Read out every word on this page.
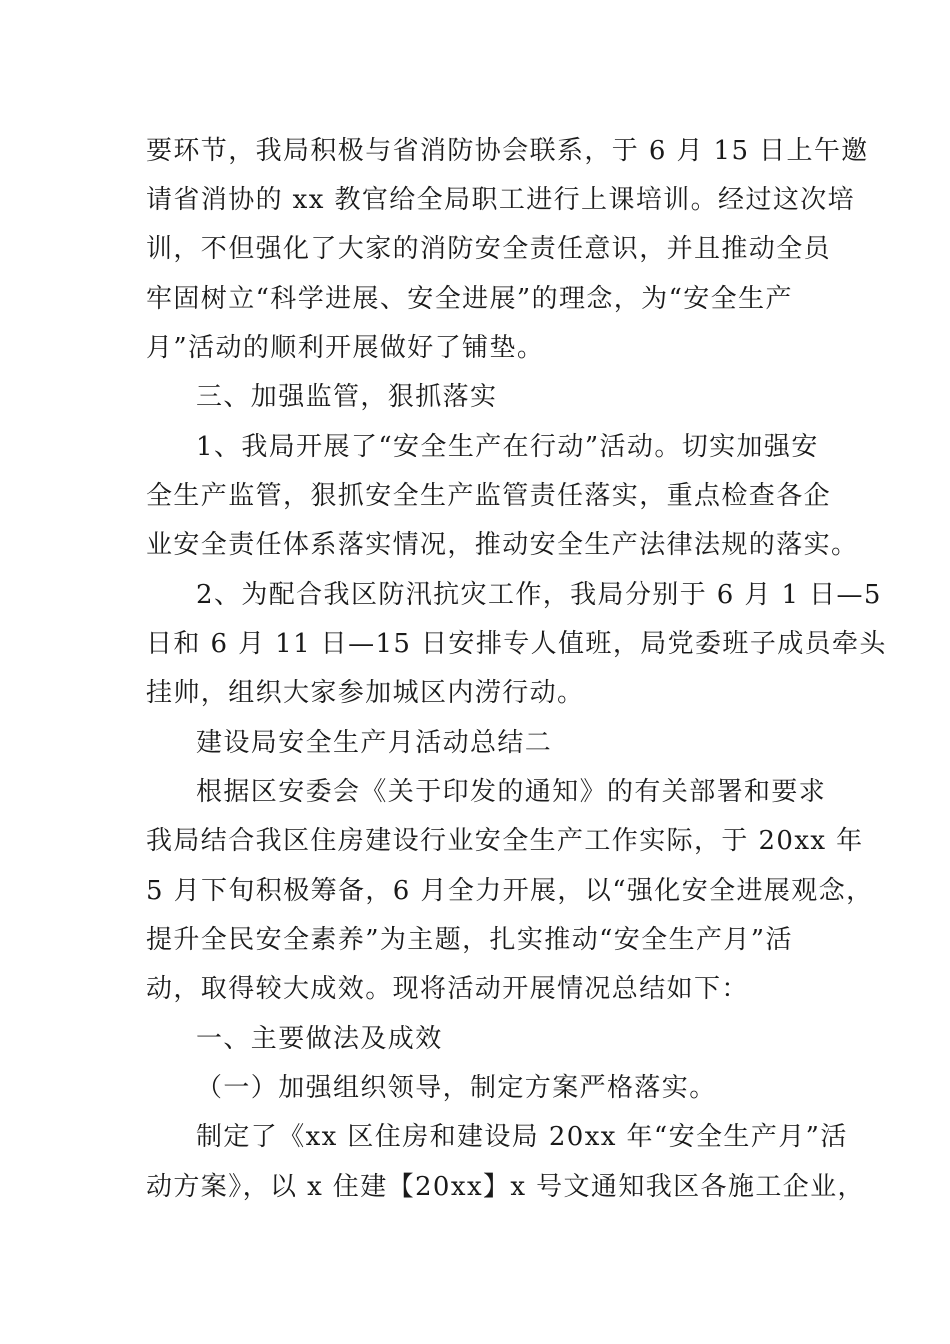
要环节，我局积极与省消防协会联系，于 6 月 15 日上午邀
请省消协的 xx 教官给全局职工进行上课培训。经过这次培
训，不但强化了大家的消防安全责任意识，并且推动全员
牢固树立“科学进展、安全进展”的理念，为“安全生产
月”活动的顺利开展做好了铺垫。
三、加强监管，狠抓落实
1、我局开展了“安全生产在行动”活动。切实加强安
全生产监管，狠抓安全生产监管责任落实，重点检查各企
业安全责任体系落实情况，推动安全生产法律法规的落实。
2、为配合我区防汛抗灾工作，我局分别于 6 月 1 日—5
日和 6 月 11 日—15 日安排专人值班，局党委班子成员牵头
挂帅，组织大家参加城区内涝行动。
建设局安全生产月活动总结二
根据区安委会《关于印发的通知》的有关部署和要求
我局结合我区住房建设行业安全生产工作实际，于 20xx 年
5 月下旬积极筹备，6 月全力开展，以“强化安全进展观念，
提升全民安全素养”为主题，扎实推动“安全生产月”活
动，取得较大成效。现将活动开展情况总结如下：
一、主要做法及成效
（一）加强组织领导，制定方案严格落实。
制定了《xx 区住房和建设局 20xx 年“安全生产月”活
动方案》，以 x 住建【20xx】x 号文通知我区各施工企业，
